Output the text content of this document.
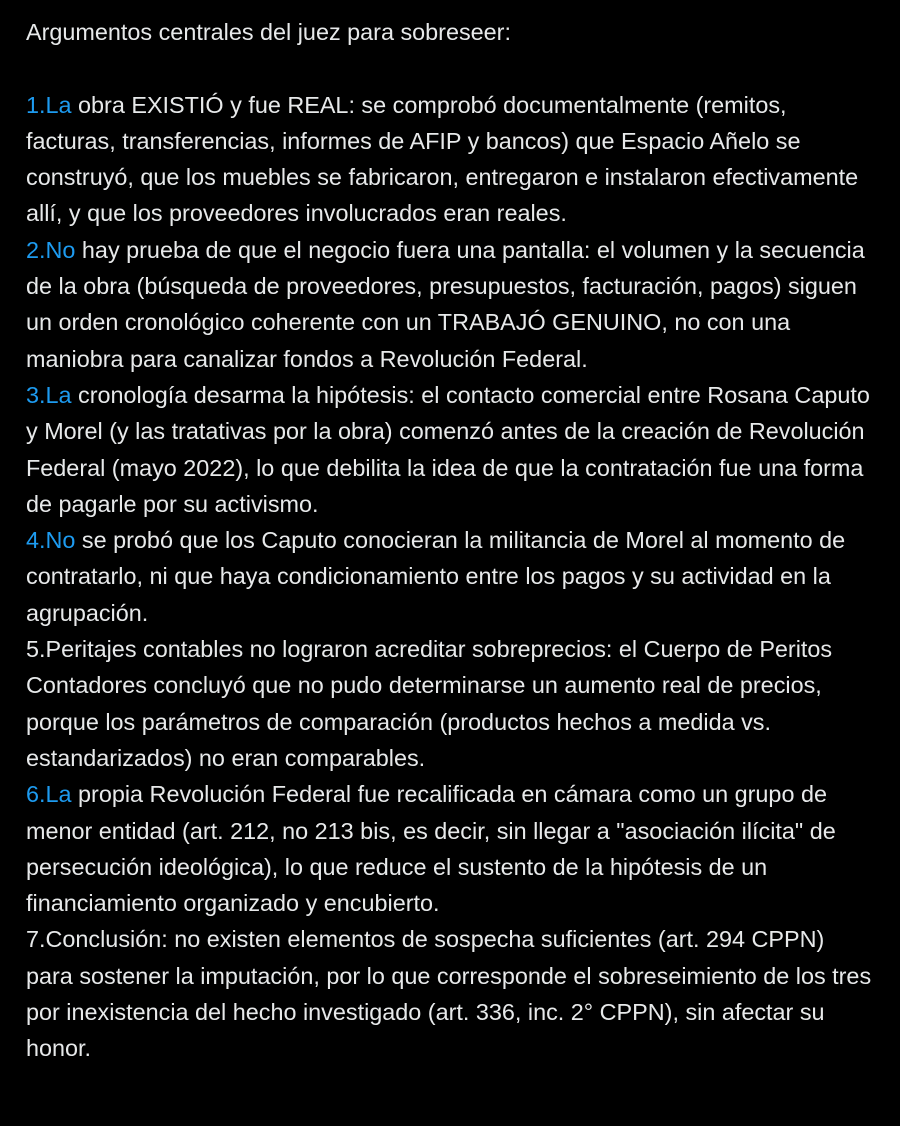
Argumentos centrales del juez para sobreseer:

1.La obra EXISTIÓ y fue REAL: se comprobó documentalmente (remitos, facturas, transferencias, informes de AFIP y bancos) que Espacio Añelo se construyó, que los muebles se fabricaron, entregaron e instalaron efectivamente allí, y que los proveedores involucrados eran reales.

2.No hay prueba de que el negocio fuera una pantalla: el volumen y la secuencia de la obra (búsqueda de proveedores, presupuestos, facturación, pagos) siguen un orden cronológico coherente con un TRABAJÓ GENUINO, no con una maniobra para canalizar fondos a Revolución Federal.

3.La cronología desarma la hipótesis: el contacto comercial entre Rosana Caputo y Morel (y las tratativas por la obra) comenzó antes de la creación de Revolución Federal (mayo 2022), lo que debilita la idea de que la contratación fue una forma de pagarle por su activismo.

4.No se probó que los Caputo conocieran la militancia de Morel al momento de contratarlo, ni que haya condicionamiento entre los pagos y su actividad en la agrupación.

5.Peritajes contables no lograron acreditar sobreprecios: el Cuerpo de Peritos Contadores concluyó que no pudo determinarse un aumento real de precios, porque los parámetros de comparación (productos hechos a medida vs. estandarizados) no eran comparables.

6.La propia Revolución Federal fue recalificada en cámara como un grupo de menor entidad (art. 212, no 213 bis, es decir, sin llegar a "asociación ilícita" de persecución ideológica), lo que reduce el sustento de la hipótesis de un financiamiento organizado y encubierto.

7.Conclusión: no existen elementos de sospecha suficientes (art. 294 CPPN) para sostener la imputación, por lo que corresponde el sobreseimiento de los tres por inexistencia del hecho investigado (art. 336, inc. 2° CPPN), sin afectar su honor.
